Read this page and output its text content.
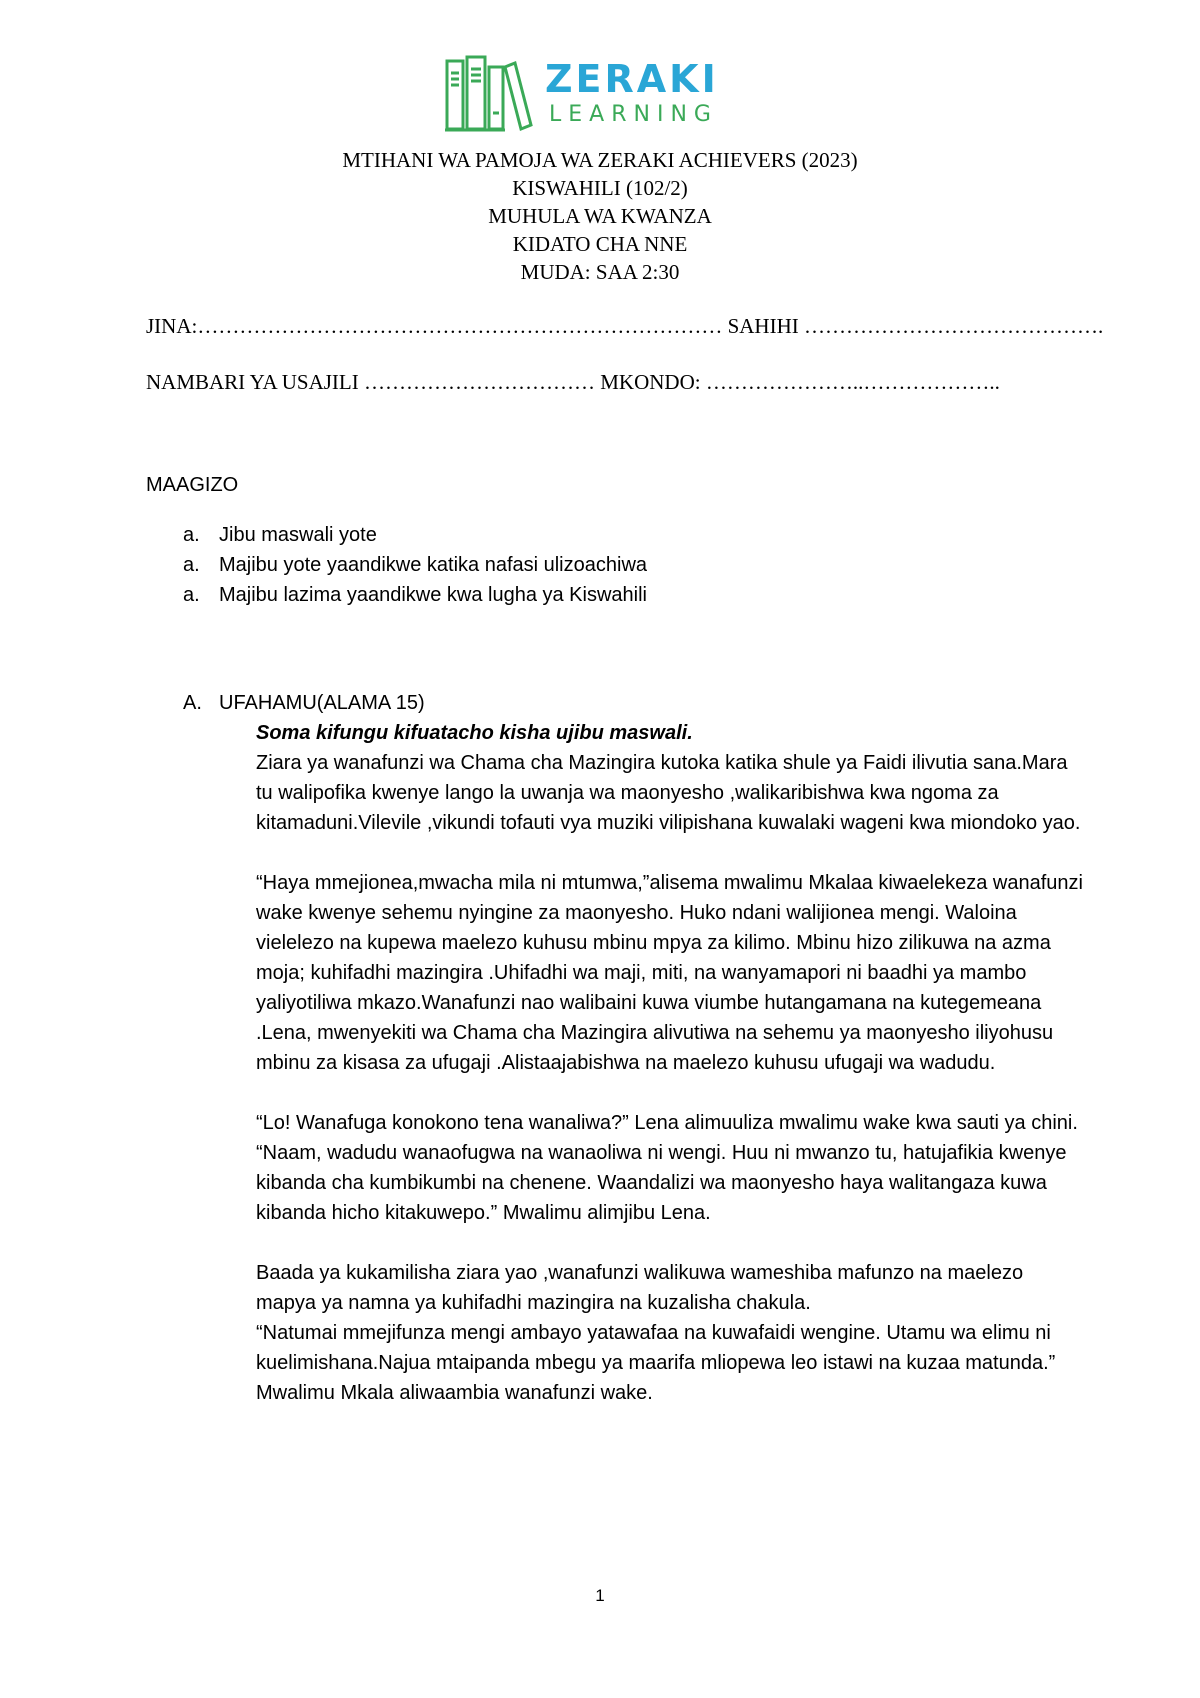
ZERAKI
LEARNING
MTIHANI WA PAMOJA WA ZERAKI ACHIEVERS (2023)
KISWAHILI (102/2)
MUHULA WA KWANZA
KIDATO CHA NNE
MUDA: SAA 2:30
JINA:………………………………………………………………… SAHIHI …………………………………….
NAMBARI YA USAJILI …………………………… MKONDO: …………………..………………..
MAAGIZO
a. Jibu maswali yote
a. Majibu yote yaandikwe katika nafasi ulizoachiwa
a. Majibu lazima yaandikwe kwa lugha ya Kiswahili
A. UFAHAMU(ALAMA 15)

Soma kifungu kifuatacho kisha ujibu maswali.

Ziara ya wanafunzi wa Chama cha Mazingira kutoka katika shule ya Faidi ilivutia sana.Mara tu walipofika kwenye lango la uwanja wa maonyesho ,walikaribishwa kwa ngoma za kitamaduni.Vilevile ,vikundi tofauti vya muziki vilipishana kuwalaki wageni kwa miondoko yao.

“Haya mmejionea,mwacha mila ni mtumwa,”alisema mwalimu Mkalaa kiwaelekeza wanafunzi wake kwenye sehemu nyingine za maonyesho. Huko ndani walijionea mengi. Waloina vielelezo na kupewa maelezo kuhusu mbinu mpya za kilimo. Mbinu hizo zilikuwa na azma moja; kuhifadhi mazingira .Uhifadhi wa maji, miti, na wanyamapori ni baadhi ya mambo yaliyotiliwa mkazo.Wanafunzi nao walibaini kuwa viumbe hutangamana na kutegemeana .Lena, mwenyekiti wa Chama cha Mazingira alivutiwa na sehemu ya maonyesho iliyohusu mbinu za kisasa za ufugaji .Alistaajabishwa na maelezo kuhusu ufugaji wa wadudu.

“Lo! Wanafuga konokono tena wanaliwa?” Lena alimuuliza mwalimu wake kwa sauti ya chini.

“Naam, wadudu wanaofugwa na wanaoliwa ni wengi. Huu ni mwanzo tu, hatujafikia kwenye kibanda cha kumbikumbi na chenene. Waandalizi wa maonyesho haya walitangaza kuwa kibanda hicho kitakuwepo.” Mwalimu alimjibu Lena.

Baada ya kukamilisha ziara yao ,wanafunzi walikuwa wameshiba mafunzo na maelezo mapya ya namna ya kuhifadhi mazingira na kuzalisha chakula.

“Natumai mmejifunza mengi ambayo yatawafaa na kuwafaidi wengine. Utamu wa elimu ni kuelimishana.Najua mtaipanda mbegu ya maarifa mliopewa leo istawi na kuzaa matunda.” Mwalimu Mkala aliwaambia wanafunzi wake.

1
